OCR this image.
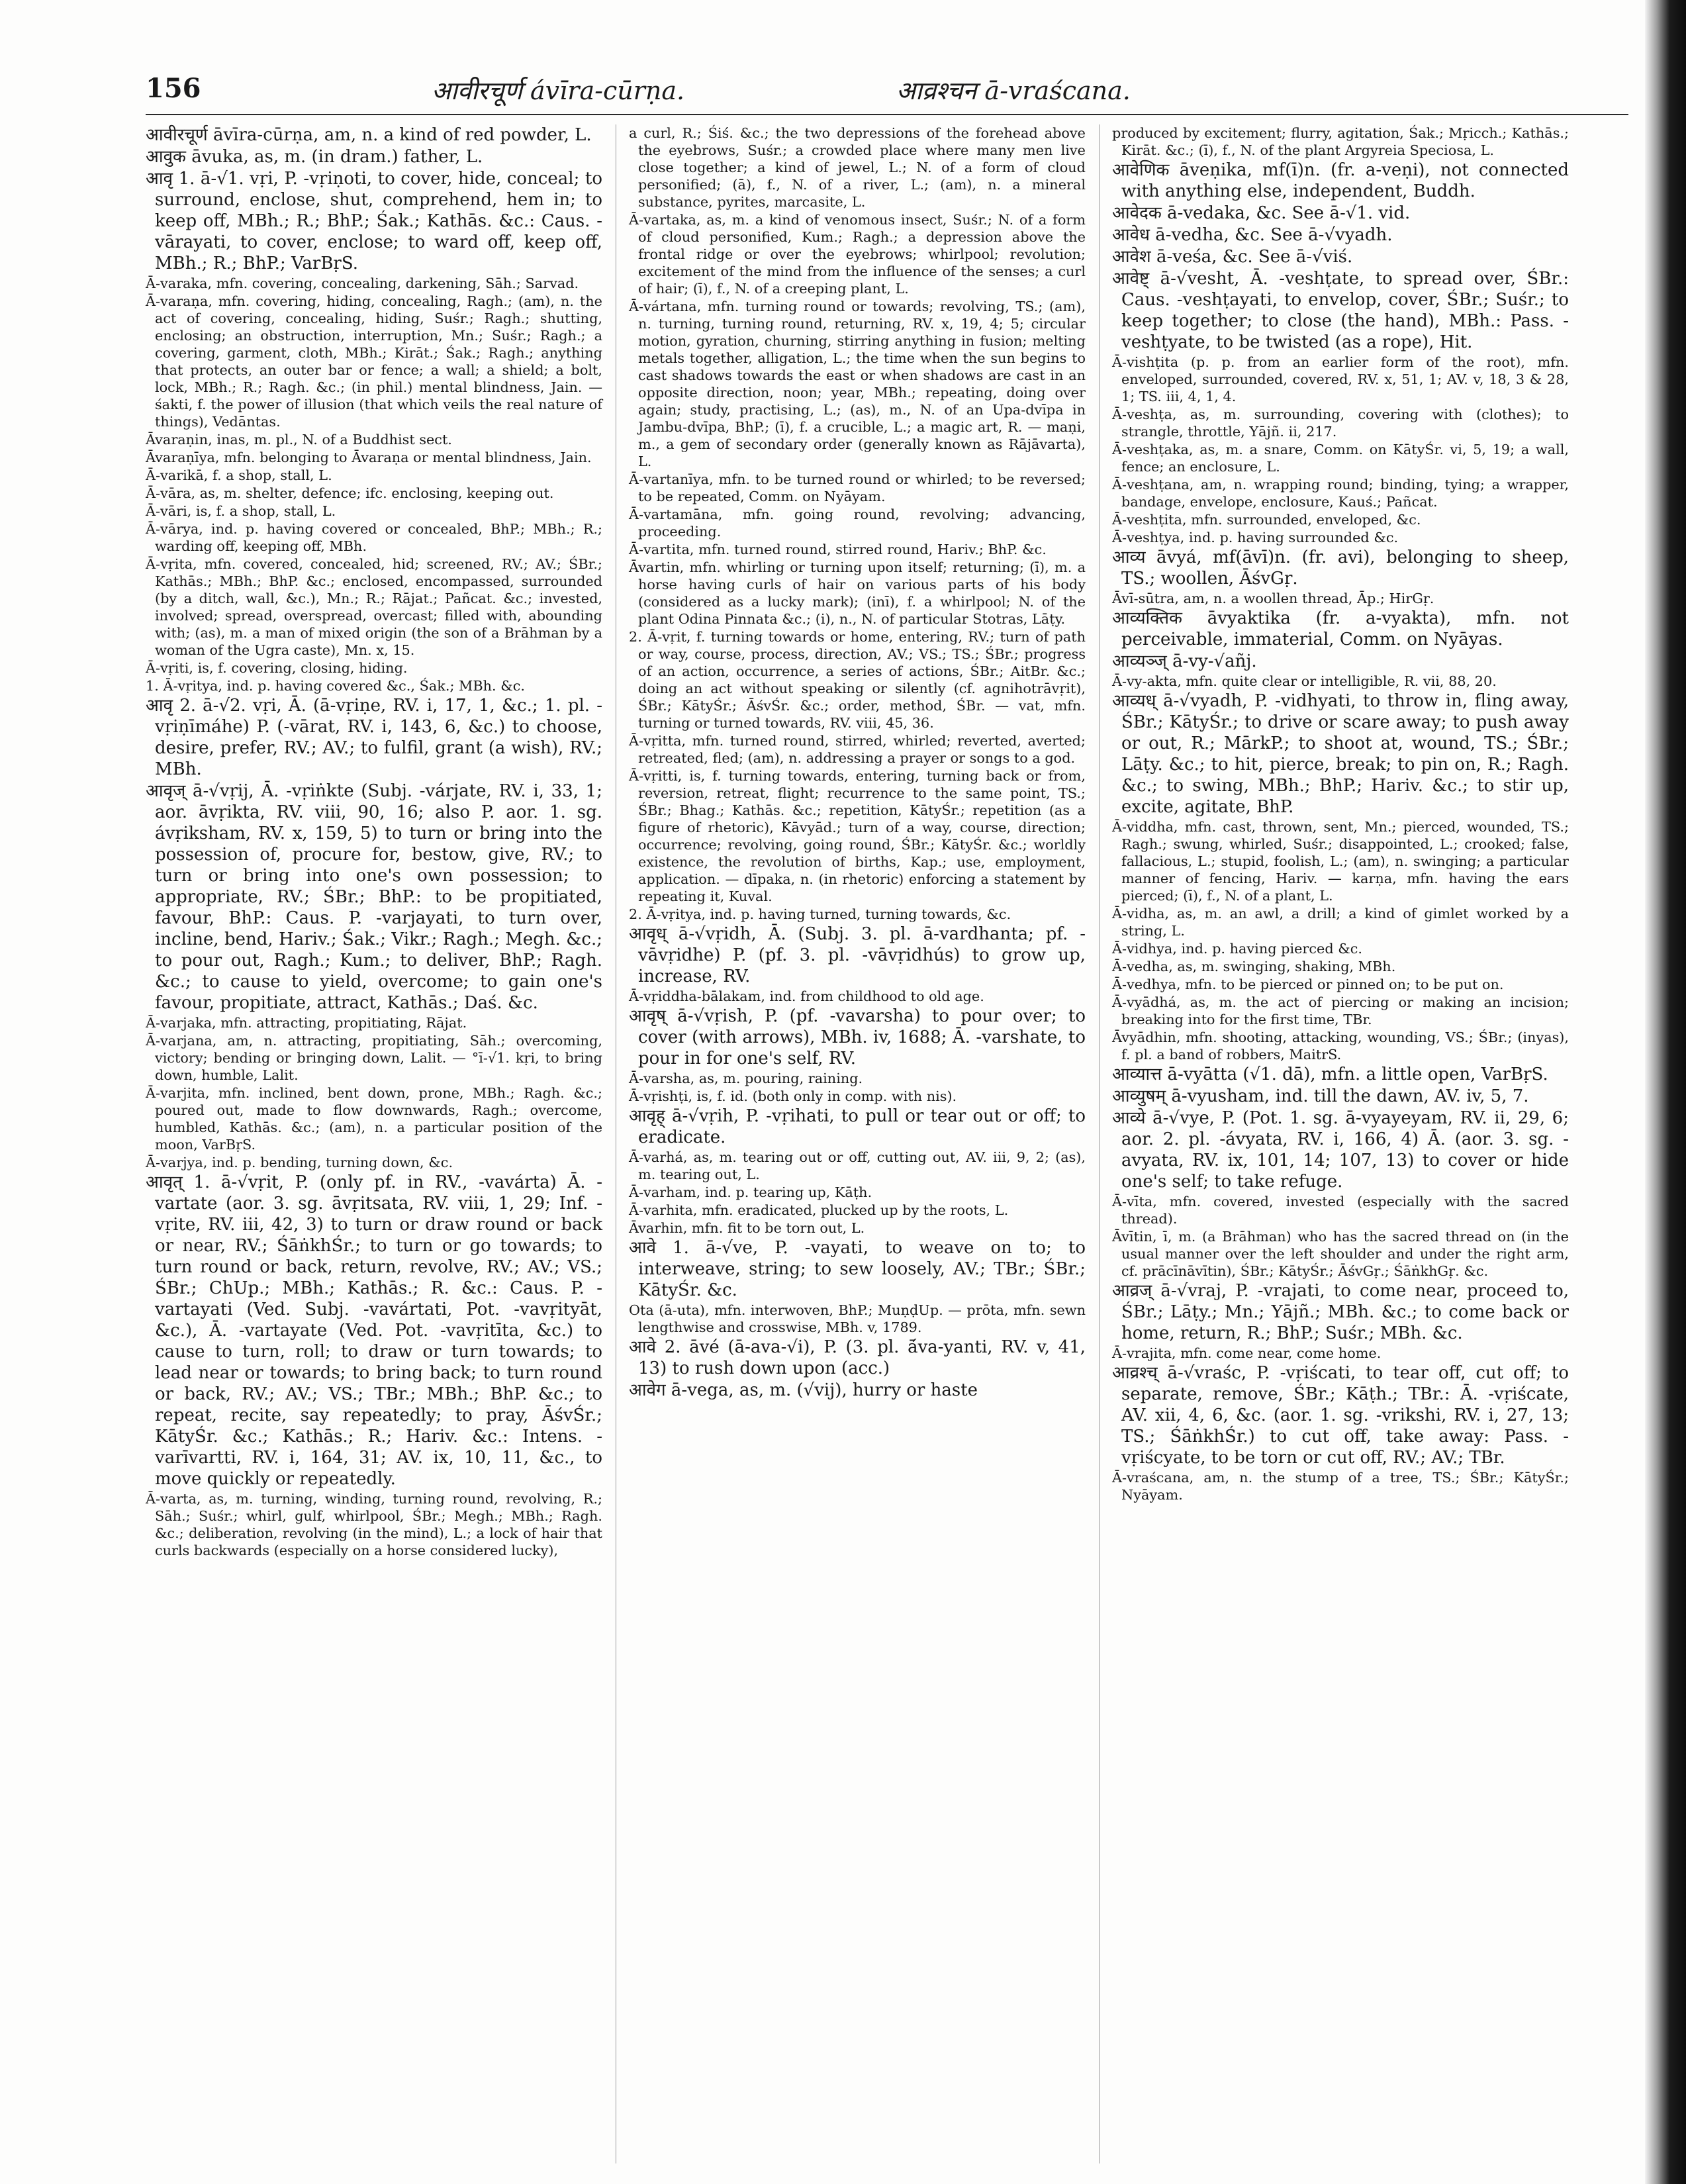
156	आवीरचूर्ण ávīra-cūrṇa.	आव्रश्चन ā-vraścana.
आवीरचूर्ण āvīra-cūrṇa, am, n. a kind of red powder, L.
आवुक āvuka, as, m. (in dram.) father, L.
आवृ 1. ā-√1. vṛi, P. -vṛiṇoti, to cover, hide, conceal; to surround, enclose, shut, comprehend, hem in; to keep off, MBh.; R.; BhP.; Śak.; Kathās. &c.: Caus. -vārayati, to cover, enclose; to ward off, keep off, MBh.; R.; BhP.; VarBṛS.
Ā-varaka, mfn. covering, concealing, darkening, Sāh.; Sarvad.
Ā-varaṇa, mfn. covering, hiding, concealing, Ragh.; (am), n. the act of covering, concealing, hiding, Suśr.; Ragh.; shutting, enclosing; an obstruction, interruption, Mn.; Suśr.; Ragh.; a covering, garment, cloth, MBh.; Kirāt.; Śak.; Ragh.; anything that protects, an outer bar or fence; a wall; a shield; a bolt, lock, MBh.; R.; Ragh. &c.; (in phil.) mental blindness, Jain. — śakti, f. the power of illusion (that which veils the real nature of things), Vedāntas.
Āvaraṇin, inas, m. pl., N. of a Buddhist sect.
Āvaraṇīya, mfn. belonging to Āvaraṇa or mental blindness, Jain.
Ā-varikā, f. a shop, stall, L.
Ā-vāra, as, m. shelter, defence; ifc. enclosing, keeping out.
Ā-vāri, is, f. a shop, stall, L.
Ā-vārya, ind. p. having covered or concealed, BhP.; MBh.; R.; warding off, keeping off, MBh.
Ā-vṛita, mfn. covered, concealed, hid; screened, RV.; AV.; ŚBr.; Kathās.; MBh.; BhP. &c.; enclosed, encompassed, surrounded (by a ditch, wall, &c.), Mn.; R.; Rājat.; Pañcat. &c.; invested, involved; spread, overspread, overcast; filled with, abounding with; (as), m. a man of mixed origin (the son of a Brāhman by a woman of the Ugra caste), Mn. x, 15.
Ā-vṛiti, is, f. covering, closing, hiding.
1. Ā-vṛitya, ind. p. having covered &c., Śak.; MBh. &c.
आवृ 2. ā-√2. vṛi, Ā. (ā-vṛiṇe, RV. i, 17, 1, &c.; 1. pl. -vṛiṇīmáhe) P. (-vārat, RV. i, 143, 6, &c.) to choose, desire, prefer, RV.; AV.; to fulfil, grant (a wish), RV.; MBh.
आवृज् ā-√vṛij, Ā. -vṛiṅkte (Subj. -várjate, RV. i, 33, 1; aor. āvṛikta, RV. viii, 90, 16; also P. aor. 1. sg. ávṛiksham, RV. x, 159, 5) to turn or bring into the possession of, procure for, bestow, give, RV.; to turn or bring into one's own possession; to appropriate, RV.; ŚBr.; BhP.: to be propitiated, favour, BhP.: Caus. P. -varjayati, to turn over, incline, bend, Hariv.; Śak.; Vikr.; Ragh.; Megh. &c.; to pour out, Ragh.; Kum.; to deliver, BhP.; Ragh. &c.; to cause to yield, overcome; to gain one's favour, propitiate, attract, Kathās.; Daś. &c.
Ā-varjaka, mfn. attracting, propitiating, Rājat.
Ā-varjana, am, n. attracting, propitiating, Sāh.; overcoming, victory; bending or bringing down, Lalit. — °ī-√1. kṛi, to bring down, humble, Lalit.
Ā-varjita, mfn. inclined, bent down, prone, MBh.; Ragh. &c.; poured out, made to flow downwards, Ragh.; overcome, humbled, Kathās. &c.; (am), n. a particular position of the moon, VarBṛS.
Ā-varjya, ind. p. bending, turning down, &c.
आवृत् 1. ā-√vṛit, P. (only pf. in RV., -vavárta) Ā. -vartate (aor. 3. sg. āvṛitsata, RV. viii, 1, 29; Inf. -vṛite, RV. iii, 42, 3) to turn or draw round or back or near, RV.; ŚāṅkhŚr.; to turn or go towards; to turn round or back, return, revolve, RV.; AV.; VS.; ŚBr.; ChUp.; MBh.; Kathās.; R. &c.: Caus. P. -vartayati (Ved. Subj. -vavártati, Pot. -vavṛityāt, &c.), Ā. -vartayate (Ved. Pot. -vavṛitīta, &c.) to cause to turn, roll; to draw or turn towards; to lead near or towards; to bring back; to turn round or back, RV.; AV.; VS.; TBr.; MBh.; BhP. &c.; to repeat, recite, say repeatedly; to pray, ĀśvŚr.; KātyŚr. &c.; Kathās.; R.; Hariv. &c.: Intens. -varīvartti, RV. i, 164, 31; AV. ix, 10, 11, &c., to move quickly or repeatedly.
Ā-varta, as, m. turning, winding, turning round, revolving, R.; Sāh.; Suśr.; whirl, gulf, whirlpool, ŚBr.; Megh.; MBh.; Ragh. &c.; deliberation, revolving (in the mind), L.; a lock of hair that curls backwards (especially on a horse considered lucky),
a curl, R.; Śiś. &c.; the two depressions of the forehead above the eyebrows, Suśr.; a crowded place where many men live close together; a kind of jewel, L.; N. of a form of cloud personified; (ā), f., N. of a river, L.; (am), n. a mineral substance, pyrites, marcasite, L.
Ā-vartaka, as, m. a kind of venomous insect, Suśr.; N. of a form of cloud personified, Kum.; Ragh.; a depression above the frontal ridge or over the eyebrows; whirlpool; revolution; excitement of the mind from the influence of the senses; a curl of hair; (ī), f., N. of a creeping plant, L.
Ā-vártana, mfn. turning round or towards; revolving, TS.; (am), n. turning, turning round, returning, RV. x, 19, 4; 5; circular motion, gyration, churning, stirring anything in fusion; melting metals together, alligation, L.; the time when the sun begins to cast shadows towards the east or when shadows are cast in an opposite direction, noon; year, MBh.; repeating, doing over again; study, practising, L.; (as), m., N. of an Upa-dvīpa in Jambu-dvīpa, BhP.; (ī), f. a crucible, L.; a magic art, R. — maṇi, m., a gem of secondary order (generally known as Rājāvarta), L.
Ā-vartanīya, mfn. to be turned round or whirled; to be reversed; to be repeated, Comm. on Nyāyam.
Ā-vartamāna, mfn. going round, revolving; advancing, proceeding.
Ā-vartita, mfn. turned round, stirred round, Hariv.; BhP. &c.
Āvartin, mfn. whirling or turning upon itself; returning; (ī), m. a horse having curls of hair on various parts of his body (considered as a lucky mark); (inī), f. a whirlpool; N. of the plant Odina Pinnata &c.; (i), n., N. of particular Stotras, Lāṭy.
2. Ā-vṛit, f. turning towards or home, entering, RV.; turn of path or way, course, process, direction, AV.; VS.; TS.; ŚBr.; progress of an action, occurrence, a series of actions, ŚBr.; AitBr. &c.; doing an act without speaking or silently (cf. agnihotrāvṛit), ŚBr.; KātyŚr.; ĀśvŚr. &c.; order, method, ŚBr. — vat, mfn. turning or turned towards, RV. viii, 45, 36.
Ā-vṛitta, mfn. turned round, stirred, whirled; reverted, averted; retreated, fled; (am), n. addressing a prayer or songs to a god.
Ā-vṛitti, is, f. turning towards, entering, turning back or from, reversion, retreat, flight; recurrence to the same point, TS.; ŚBr.; Bhag.; Kathās. &c.; repetition, KātyŚr.; repetition (as a figure of rhetoric), Kāvyād.; turn of a way, course, direction; occurrence; revolving, going round, ŚBr.; KātyŚr. &c.; worldly existence, the revolution of births, Kap.; use, employment, application. — dīpaka, n. (in rhetoric) enforcing a statement by repeating it, Kuval.
2. Ā-vṛitya, ind. p. having turned, turning towards, &c.
आवृध् ā-√vṛidh, Ā. (Subj. 3. pl. ā-vardhanta; pf. -vāvṛidhe) P. (pf. 3. pl. -vāvṛidhús) to grow up, increase, RV.
Ā-vṛiddha-bālakam, ind. from childhood to old age.
आवृष् ā-√vṛish, P. (pf. -vavarsha) to pour over; to cover (with arrows), MBh. iv, 1688; Ā. -varshate, to pour in for one's self, RV.
Ā-varsha, as, m. pouring, raining.
Ā-vṛishṭi, is, f. id. (both only in comp. with nis).
आवृह् ā-√vṛih, P. -vṛihati, to pull or tear out or off; to eradicate.
Ā-varhá, as, m. tearing out or off, cutting out, AV. iii, 9, 2; (as), m. tearing out, L.
Ā-varham, ind. p. tearing up, Kāṭh.
Ā-varhita, mfn. eradicated, plucked up by the roots, L.
Āvarhin, mfn. fit to be torn out, L.
आवे 1. ā-√ve, P. -vayati, to weave on to; to interweave, string; to sew loosely, AV.; TBr.; ŚBr.; KātyŚr. &c.
Ota (ā-uta), mfn. interwoven, BhP.; MuṇḍUp. — prōta, mfn. sewn lengthwise and crosswise, MBh. v, 1789.
आवे 2. āvé (ā-ava-√i), P. (3. pl. ā́va-yanti, RV. v, 41, 13) to rush down upon (acc.)
आवेग ā-vega, as, m. (√vij), hurry or haste
produced by excitement; flurry, agitation, Śak.; Mṛicch.; Kathās.; Kirāt. &c.; (ī), f., N. of the plant Argyreia Speciosa, L.
आवेणिक āveṇika, mf(ī)n. (fr. a-veṇi), not connected with anything else, independent, Buddh.
आवेदक ā-vedaka, &c. See ā-√1. vid.
आवेध ā-vedha, &c. See ā-√vyadh.
आवेश ā-veśa, &c. See ā-√viś.
आवेष्ट् ā-√vesht, Ā. -veshṭate, to spread over, ŚBr.: Caus. -veshṭayati, to envelop, cover, ŚBr.; Suśr.; to keep together; to close (the hand), MBh.: Pass. -veshṭyate, to be twisted (as a rope), Hit.
Ā-vishṭita (p. p. from an earlier form of the root), mfn. enveloped, surrounded, covered, RV. x, 51, 1; AV. v, 18, 3 & 28, 1; TS. iii, 4, 1, 4.
Ā-veshṭa, as, m. surrounding, covering with (clothes); to strangle, throttle, Yājñ. ii, 217.
Ā-veshṭaka, as, m. a snare, Comm. on KātyŚr. vi, 5, 19; a wall, fence; an enclosure, L.
Ā-veshṭana, am, n. wrapping round; binding, tying; a wrapper, bandage, envelope, enclosure, Kauś.; Pañcat.
Ā-veshṭita, mfn. surrounded, enveloped, &c.
Ā-veshṭya, ind. p. having surrounded &c.
आव्य āvyá, mf(āvī)n. (fr. avi), belonging to sheep, TS.; woollen, ĀśvGṛ.
Āvī-sūtra, am, n. a woollen thread, Āp.; HirGṛ.
आव्यक्तिक āvyaktika (fr. a-vyakta), mfn. not perceivable, immaterial, Comm. on Nyāyas.
आव्यञ्ज् ā-vy-√añj.
Ā-vy-akta, mfn. quite clear or intelligible, R. vii, 88, 20.
आव्यध् ā-√vyadh, P. -vidhyati, to throw in, fling away, ŚBr.; KātyŚr.; to drive or scare away; to push away or out, R.; MārkP.; to shoot at, wound, TS.; ŚBr.; Lāṭy. &c.; to hit, pierce, break; to pin on, R.; Ragh. &c.; to swing, MBh.; BhP.; Hariv. &c.; to stir up, excite, agitate, BhP.
Ā-viddha, mfn. cast, thrown, sent, Mn.; pierced, wounded, TS.; Ragh.; swung, whirled, Suśr.; disappointed, L.; crooked; false, fallacious, L.; stupid, foolish, L.; (am), n. swinging; a particular manner of fencing, Hariv. — karṇa, mfn. having the ears pierced; (ī), f., N. of a plant, L.
Ā-vidha, as, m. an awl, a drill; a kind of gimlet worked by a string, L.
Ā-vidhya, ind. p. having pierced &c.
Ā-vedha, as, m. swinging, shaking, MBh.
Ā-vedhya, mfn. to be pierced or pinned on; to be put on.
Ā-vyādhá, as, m. the act of piercing or making an incision; breaking into for the first time, TBr.
Āvyādhin, mfn. shooting, attacking, wounding, VS.; ŚBr.; (inyas), f. pl. a band of robbers, MaitrS.
आव्यात्त ā-vyātta (√1. dā), mfn. a little open, VarBṛS.
आव्युषम् ā-vyusham, ind. till the dawn, AV. iv, 5, 7.
आव्ये ā-√vye, P. (Pot. 1. sg. ā-vyayeyam, RV. ii, 29, 6; aor. 2. pl. -ávyata, RV. i, 166, 4) Ā. (aor. 3. sg. -avyata, RV. ix, 101, 14; 107, 13) to cover or hide one's self; to take refuge.
Ā-vīta, mfn. covered, invested (especially with the sacred thread).
Āvītin, ī, m. (a Brāhman) who has the sacred thread on (in the usual manner over the left shoulder and under the right arm, cf. prācīnāvītin), ŚBr.; KātyŚr.; ĀśvGṛ.; ŚāṅkhGṛ. &c.
आव्रज् ā-√vraj, P. -vrajati, to come near, proceed to, ŚBr.; Lāṭy.; Mn.; Yājñ.; MBh. &c.; to come back or home, return, R.; BhP.; Suśr.; MBh. &c.
Ā-vrajita, mfn. come near, come home.
आव्रश्च् ā-√vraśc, P. -vṛiścati, to tear off, cut off; to separate, remove, ŚBr.; Kāṭh.; TBr.: Ā. -vṛiścate, AV. xii, 4, 6, &c. (aor. 1. sg. -vrikshi, RV. i, 27, 13; TS.; ŚāṅkhŚr.) to cut off, take away: Pass. -vṛiścyate, to be torn or cut off, RV.; AV.; TBr.
Ā-vraścana, am, n. the stump of a tree, TS.; ŚBr.; KātyŚr.; Nyāyam.
